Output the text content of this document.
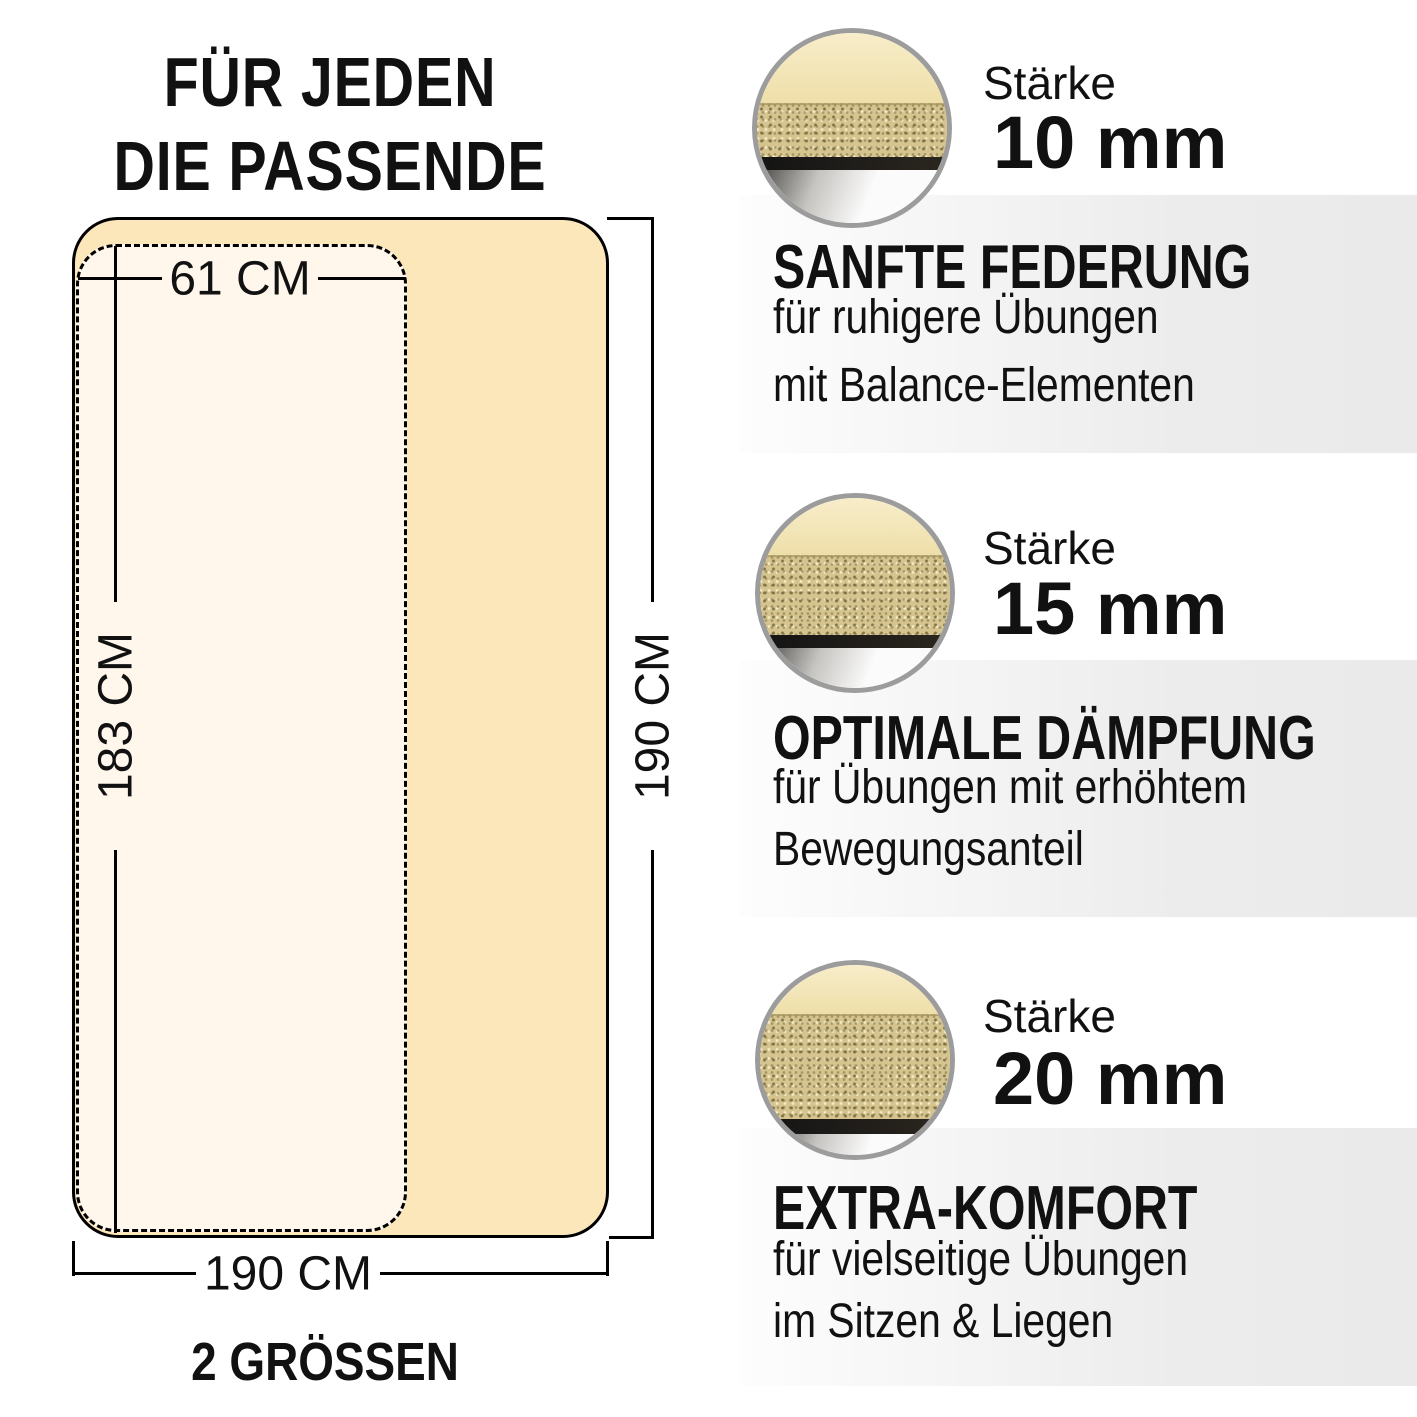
FÜR JEDEN
DIE PASSENDE
61 CM
183 CM	190 CM
190 CM
2 GRÖSSEN
Stärke
10 mm
SANFTE FEDERUNG
für ruhigere Übungen
mit Balance-Elementen
Stärke
15 mm
OPTIMALE DÄMPFUNG
für Übungen mit erhöhtem
Bewegungsanteil
Stärke
20 mm
EXTRA-KOMFORT
für vielseitige Übungen
im Sitzen & Liegen
